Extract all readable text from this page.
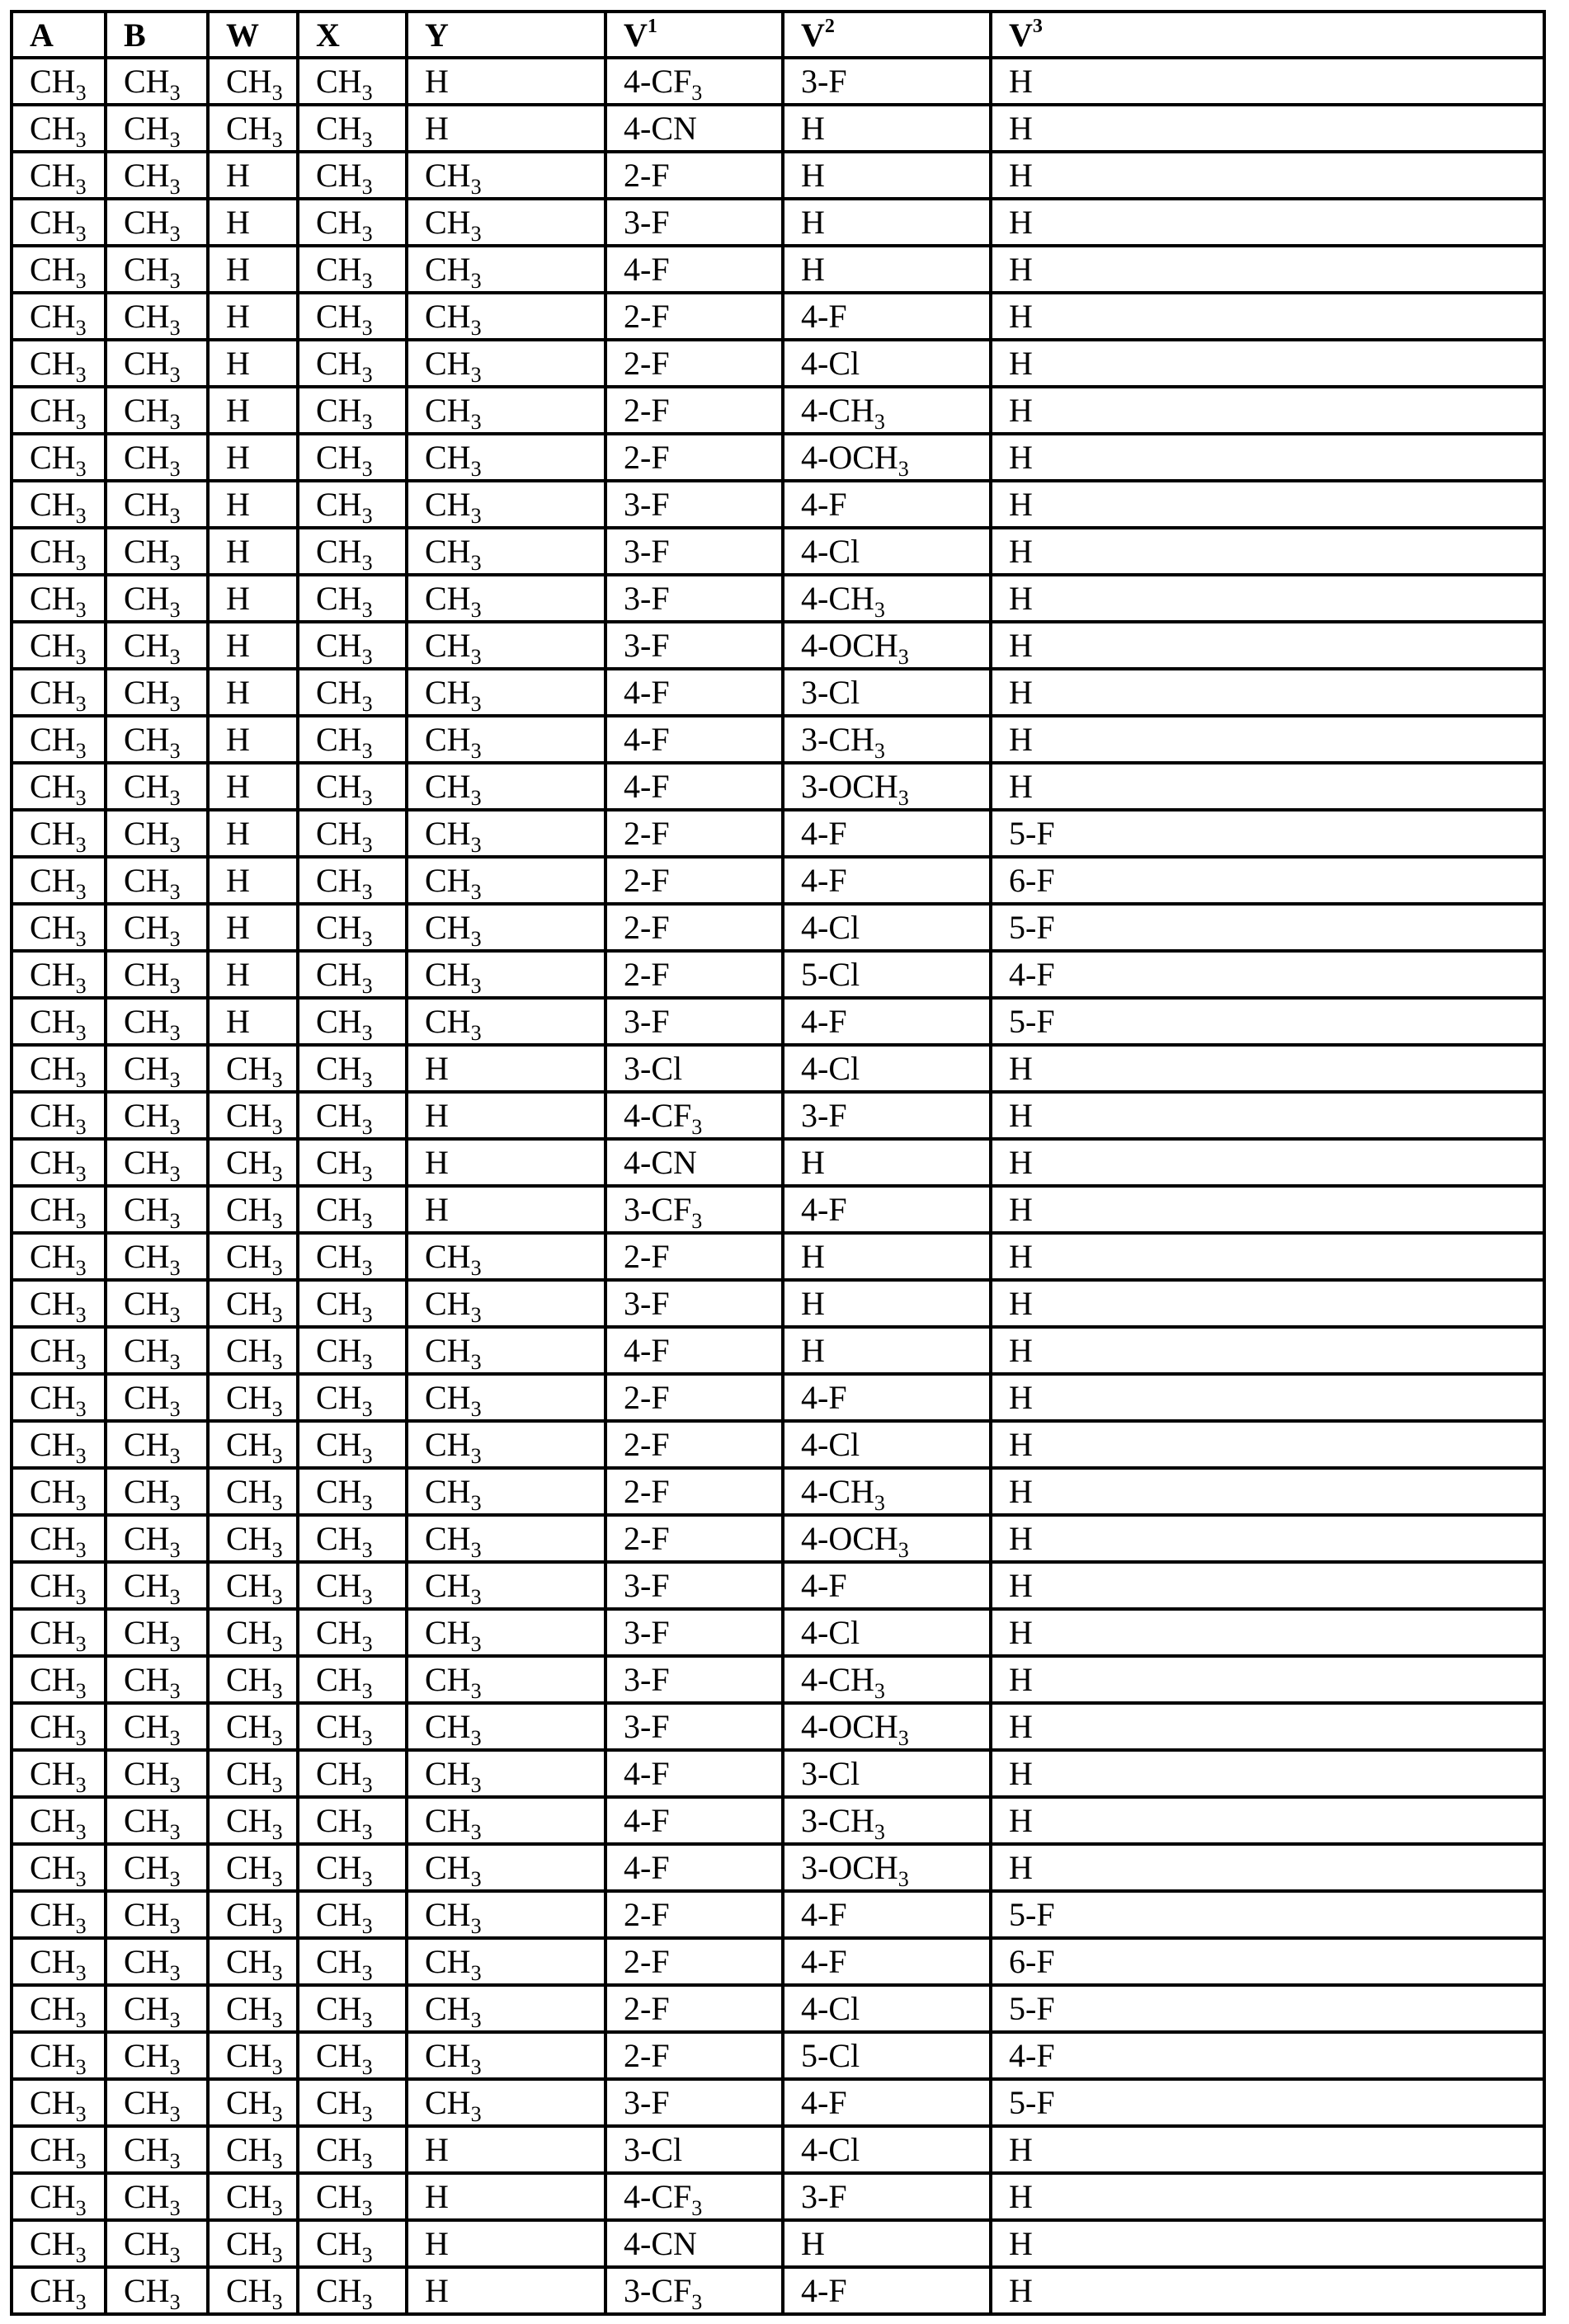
A	B	W	X	Y	$V^1$	$V^2$	$V^3$
$CH_3$	$CH_3$	$CH_3$	$CH_3$	H	$4-CF_3$	3-F	H
$CH_3$	$CH_3$	$CH_3$	$CH_3$	H	4-CN	H	H
$CH_3$	$CH_3$	H	$CH_3$	$CH_3$	2-F	H	H
$CH_3$	$CH_3$	H	$CH_3$	$CH_3$	3-F	H	H
$CH_3$	$CH_3$	H	$CH_3$	$CH_3$	4-F	H	H
$CH_3$	$CH_3$	H	$CH_3$	$CH_3$	2-F	4-F	H
$CH_3$	$CH_3$	H	$CH_3$	$CH_3$	2-F	4-Cl	H
$CH_3$	$CH_3$	H	$CH_3$	$CH_3$	2-F	$4-CH_3$	H
$CH_3$	$CH_3$	H	$CH_3$	$CH_3$	2-F	$4-OCH_3$	H
$CH_3$	$CH_3$	H	$CH_3$	$CH_3$	3-F	4-F	H
$CH_3$	$CH_3$	H	$CH_3$	$CH_3$	3-F	4-Cl	H
$CH_3$	$CH_3$	H	$CH_3$	$CH_3$	3-F	$4-CH_3$	H
$CH_3$	$CH_3$	H	$CH_3$	$CH_3$	3-F	$4-OCH_3$	H
$CH_3$	$CH_3$	H	$CH_3$	$CH_3$	4-F	3-Cl	H
$CH_3$	$CH_3$	H	$CH_3$	$CH_3$	4-F	$3-CH_3$	H
$CH_3$	$CH_3$	H	$CH_3$	$CH_3$	4-F	$3-OCH_3$	H
$CH_3$	$CH_3$	H	$CH_3$	$CH_3$	2-F	4-F	5-F
$CH_3$	$CH_3$	H	$CH_3$	$CH_3$	2-F	4-F	6-F
$CH_3$	$CH_3$	H	$CH_3$	$CH_3$	2-F	4-Cl	5-F
$CH_3$	$CH_3$	H	$CH_3$	$CH_3$	2-F	5-Cl	4-F
$CH_3$	$CH_3$	H	$CH_3$	$CH_3$	3-F	4-F	5-F
$CH_3$	$CH_3$	$CH_3$	$CH_3$	H	3-Cl	4-Cl	H
$CH_3$	$CH_3$	$CH_3$	$CH_3$	H	$4-CF_3$	3-F	H
$CH_3$	$CH_3$	$CH_3$	$CH_3$	H	4-CN	H	H
$CH_3$	$CH_3$	$CH_3$	$CH_3$	H	$3-CF_3$	4-F	H
$CH_3$	$CH_3$	$CH_3$	$CH_3$	$CH_3$	2-F	H	H
$CH_3$	$CH_3$	$CH_3$	$CH_3$	$CH_3$	3-F	H	H
$CH_3$	$CH_3$	$CH_3$	$CH_3$	$CH_3$	4-F	H	H
$CH_3$	$CH_3$	$CH_3$	$CH_3$	$CH_3$	2-F	4-F	H
$CH_3$	$CH_3$	$CH_3$	$CH_3$	$CH_3$	2-F	4-Cl	H
$CH_3$	$CH_3$	$CH_3$	$CH_3$	$CH_3$	2-F	$4-CH_3$	H
$CH_3$	$CH_3$	$CH_3$	$CH_3$	$CH_3$	2-F	$4-OCH_3$	H
$CH_3$	$CH_3$	$CH_3$	$CH_3$	$CH_3$	3-F	4-F	H
$CH_3$	$CH_3$	$CH_3$	$CH_3$	$CH_3$	3-F	4-Cl	H
$CH_3$	$CH_3$	$CH_3$	$CH_3$	$CH_3$	3-F	$4-CH_3$	H
$CH_3$	$CH_3$	$CH_3$	$CH_3$	$CH_3$	3-F	$4-OCH_3$	H
$CH_3$	$CH_3$	$CH_3$	$CH_3$	$CH_3$	4-F	3-Cl	H
$CH_3$	$CH_3$	$CH_3$	$CH_3$	$CH_3$	4-F	$3-CH_3$	H
$CH_3$	$CH_3$	$CH_3$	$CH_3$	$CH_3$	4-F	$3-OCH_3$	H
$CH_3$	$CH_3$	$CH_3$	$CH_3$	$CH_3$	2-F	4-F	5-F
$CH_3$	$CH_3$	$CH_3$	$CH_3$	$CH_3$	2-F	4-F	6-F
$CH_3$	$CH_3$	$CH_3$	$CH_3$	$CH_3$	2-F	4-Cl	5-F
$CH_3$	$CH_3$	$CH_3$	$CH_3$	$CH_3$	2-F	5-Cl	4-F
$CH_3$	$CH_3$	$CH_3$	$CH_3$	$CH_3$	3-F	4-F	5-F
$CH_3$	$CH_3$	$CH_3$	$CH_3$	H	3-Cl	4-Cl	H
$CH_3$	$CH_3$	$CH_3$	$CH_3$	H	$4-CF_3$	3-F	H
$CH_3$	$CH_3$	$CH_3$	$CH_3$	H	4-CN	H	H
$CH_3$	$CH_3$	$CH_3$	$CH_3$	H	$3-CF_3$	4-F	H
